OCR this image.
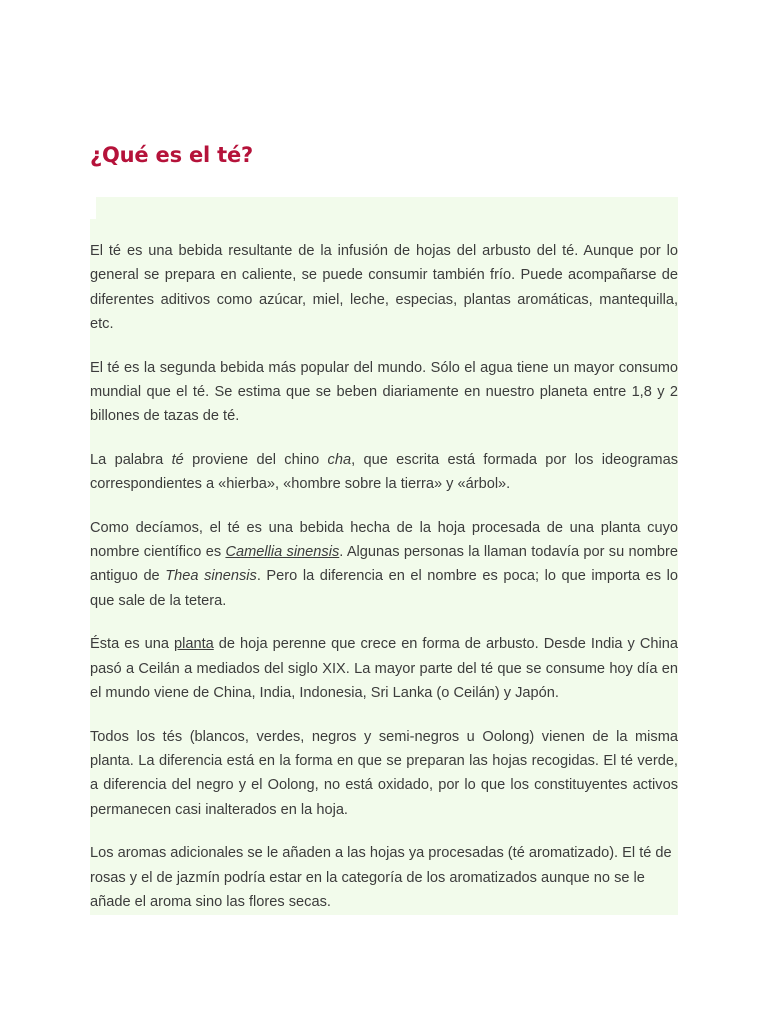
¿Qué es el té?

El té es una bebida resultante de la infusión de hojas del arbusto del té. Aunque por lo general se prepara en caliente, se puede consumir también frío. Puede acompañarse de diferentes aditivos como azúcar, miel, leche, especias, plantas aromáticas, mantequilla, etc.

El té es la segunda bebida más popular del mundo. Sólo el agua tiene un mayor consumo mundial que el té. Se estima que se beben diariamente en nuestro planeta entre 1,8 y 2 billones de tazas de té.

La palabra té proviene del chino cha, que escrita está formada por los ideogramas correspondientes a «hierba», «hombre sobre la tierra» y «árbol».

Como decíamos, el té es una bebida hecha de la hoja procesada de una planta cuyo nombre científico es Camellia sinensis. Algunas personas la llaman todavía por su nombre antiguo de Thea sinensis. Pero la diferencia en el nombre es poca; lo que importa es lo que sale de la tetera.

Ésta es una planta de hoja perenne que crece en forma de arbusto. Desde India y China pasó a Ceilán a mediados del siglo XIX. La mayor parte del té que se consume hoy día en el mundo viene de China, India, Indonesia, Sri Lanka (o Ceilán) y Japón.

Todos los tés (blancos, verdes, negros y semi-negros u Oolong) vienen de la misma planta. La diferencia está en la forma en que se preparan las hojas recogidas. El té verde, a diferencia del negro y el Oolong, no está oxidado, por lo que los constituyentes activos permanecen casi inalterados en la hoja.

Los aromas adicionales se le añaden a las hojas ya procesadas (té aromatizado). El té de rosas y el de jazmín podría estar en la categoría de los aromatizados aunque no se le añade el aroma sino las flores secas.
